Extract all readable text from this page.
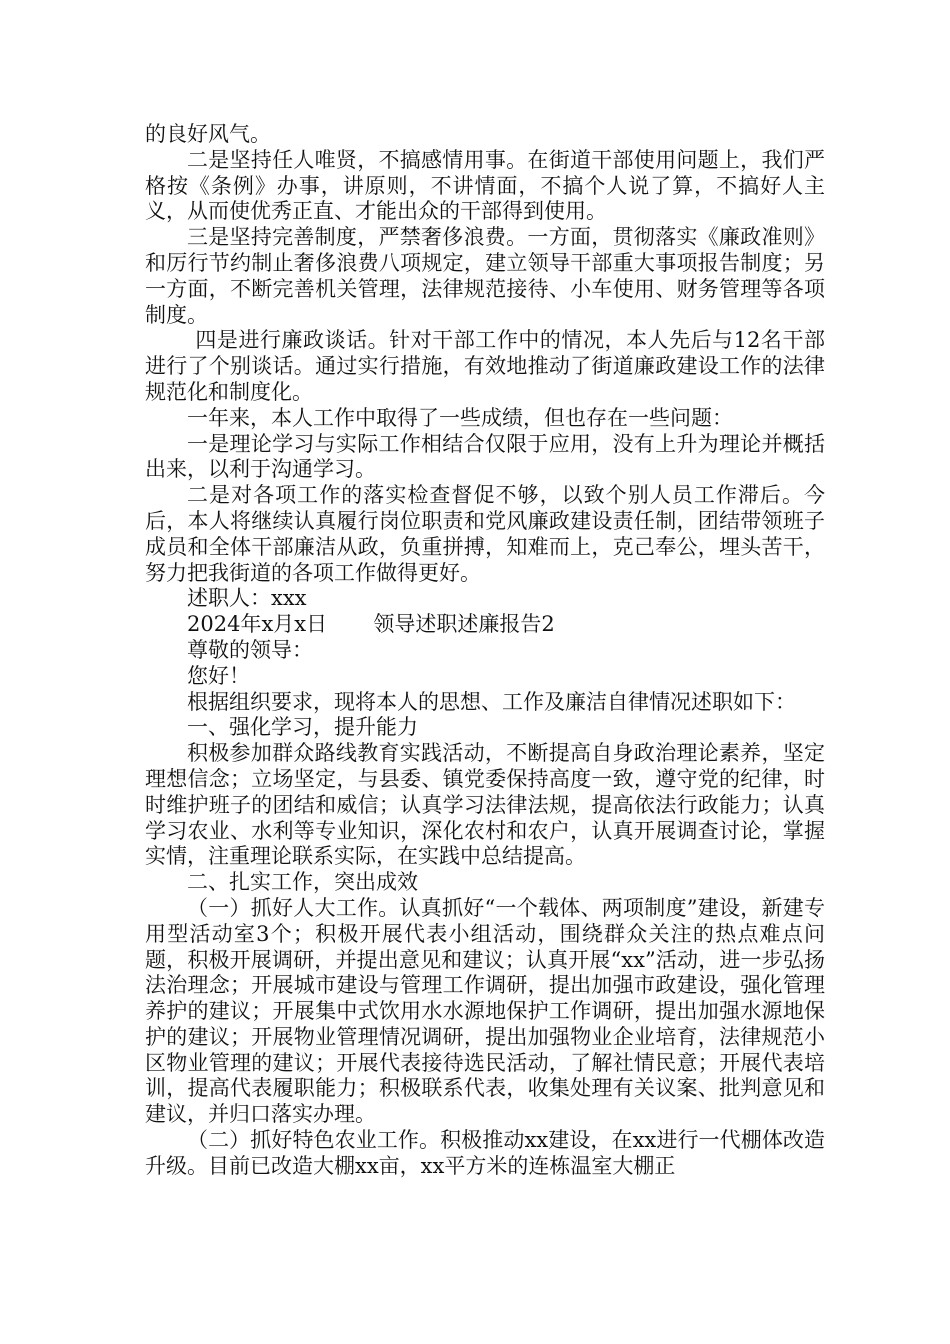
的良好风气。

二是坚持任人唯贤，不搞感情用事。在街道干部使用问题上，我们严格按《条例》办事，讲原则，不讲情面，不搞个人说了算，不搞好人主义，从而使优秀正直、才能出众的干部得到使用。

三是坚持完善制度，严禁奢侈浪费。一方面，贯彻落实《廉政准则》和厉行节约制止奢侈浪费八项规定，建立领导干部重大事项报告制度；另一方面，不断完善机关管理，法律规范接待、小车使用、财务管理等各项制度。

四是进行廉政谈话。针对干部工作中的情况，本人先后与12名干部进行了个别谈话。通过实行措施，有效地推动了街道廉政建设工作的法律规范化和制度化。

一年来，本人工作中取得了一些成绩，但也存在一些问题：

一是理论学习与实际工作相结合仅限于应用，没有上升为理论并概括出来，以利于沟通学习。

二是对各项工作的落实检查督促不够，以致个别人员工作滞后。今后，本人将继续认真履行岗位职责和党风廉政建设责任制，团结带领班子成员和全体干部廉洁从政，负重拼搏，知难而上，克己奉公，埋头苦干，努力把我街道的各项工作做得更好。

述职人：xxx

2024年x月x日 领导述职述廉报告2

尊敬的领导：

您好！

根据组织要求，现将本人的思想、工作及廉洁自律情况述职如下：

一、强化学习，提升能力

积极参加群众路线教育实践活动，不断提高自身政治理论素养，坚定理想信念；立场坚定，与县委、镇党委保持高度一致，遵守党的纪律，时时维护班子的团结和威信；认真学习法律法规，提高依法行政能力；认真学习农业、水利等专业知识，深化农村和农户，认真开展调查讨论，掌握实情，注重理论联系实际，在实践中总结提高。

二、扎实工作，突出成效

（一）抓好人大工作。认真抓好“一个载体、两项制度”建设，新建专用型活动室3个；积极开展代表小组活动，围绕群众关注的热点难点问题，积极开展调研，并提出意见和建议；认真开展“xx”活动，进一步弘扬法治理念；开展城市建设与管理工作调研，提出加强市政建设，强化管理养护的建议；开展集中式饮用水水源地保护工作调研，提出加强水源地保护的建议；开展物业管理情况调研，提出加强物业企业培育，法律规范小区物业管理的建议；开展代表接待选民活动，了解社情民意；开展代表培训，提高代表履职能力；积极联系代表，收集处理有关议案、批判意见和建议，并归口落实办理。

（二）抓好特色农业工作。积极推动xx建设，在xx进行一代棚体改造升级。目前已改造大棚xx亩，xx平方米的连栋温室大棚正
